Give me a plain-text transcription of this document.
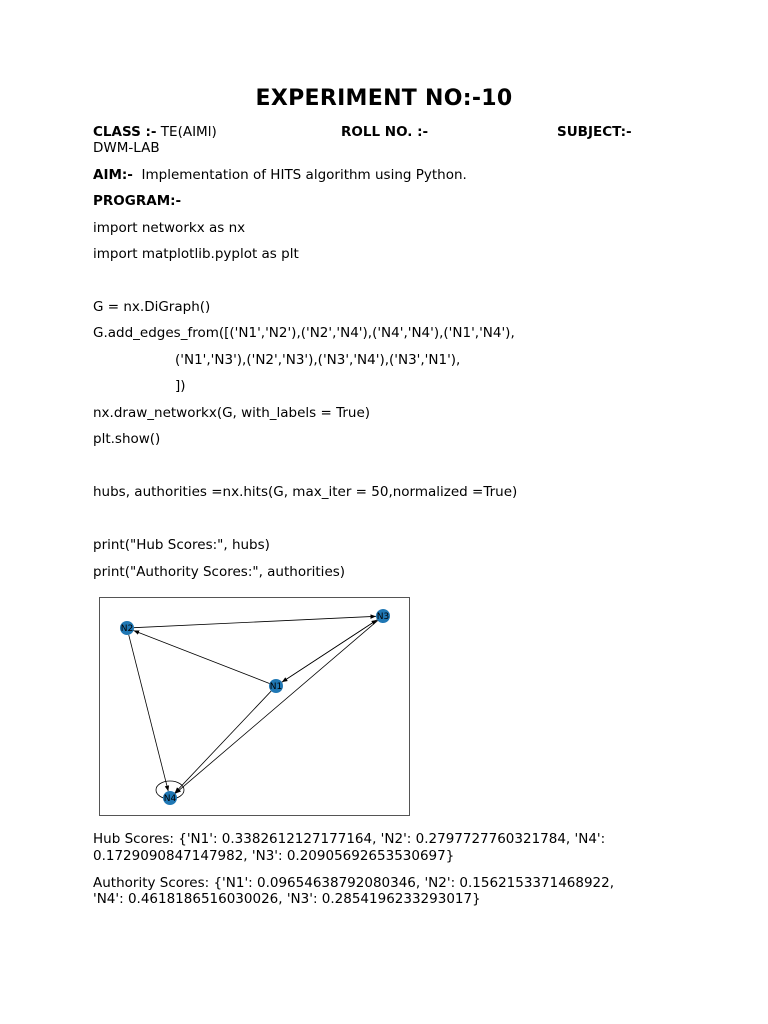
EXPERIMENT NO:-10
CLASS :- TE(AIMl)	ROLL NO. :-	SUBJECT:-
DWM-LAB
AIM:- Implementation of HITS algorithm using Python.
PROGRAM:-
import networkx as nx
import matplotlib.pyplot as plt
G = nx.DiGraph()
G.add_edges_from([('N1','N2'),('N2','N4'),('N4','N4'),('N1','N4'),
('N1','N3'),('N2','N3'),('N3','N4'),('N3','N1'),
])
nx.draw_networkx(G, with_labels = True)
plt.show()
hubs, authorities =nx.hits(G, max_iter = 50,normalized =True)
print("Hub Scores:", hubs)
print("Authority Scores:", authorities)
N1
N2
N3
N4
Hub Scores: {'N1': 0.3382612127177164, 'N2': 0.2797727760321784, 'N4':
0.1729090847147982, 'N3': 0.20905692653530697}
Authority Scores: {'N1': 0.09654638792080346, 'N2': 0.1562153371468922,
'N4': 0.4618186516030026, 'N3': 0.2854196233293017}
